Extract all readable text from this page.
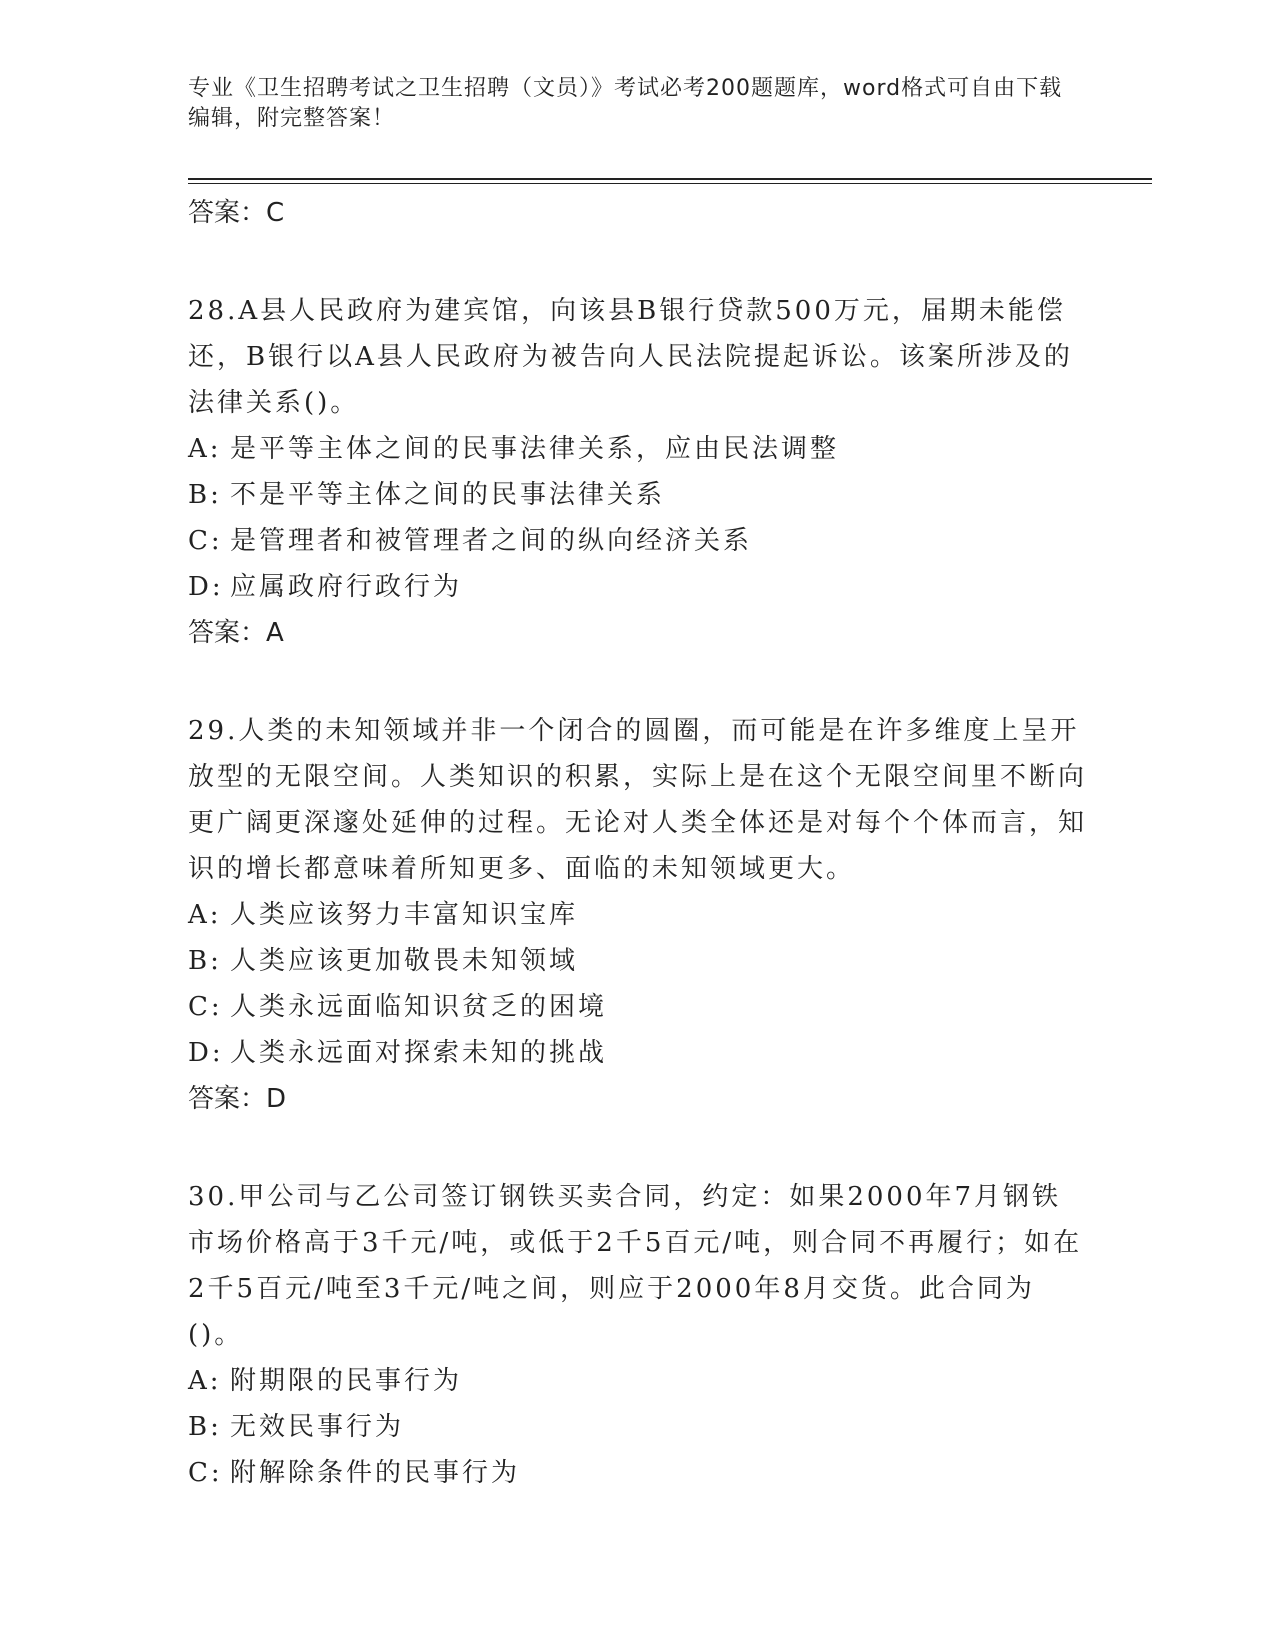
专业《卫生招聘考试之卫生招聘（文员）》考试必考200题题库，word格式可自由下载编辑，附完整答案！

答案：C

28.A县人民政府为建宾馆，向该县B银行贷款500万元，届期未能偿还，B银行以A县人民政府为被告向人民法院提起诉讼。该案所涉及的法律关系()。

A: 是平等主体之间的民事法律关系，应由民法调整

B: 不是平等主体之间的民事法律关系

C: 是管理者和被管理者之间的纵向经济关系

D: 应属政府行政行为

答案：A

29.人类的未知领域并非一个闭合的圆圈，而可能是在许多维度上呈开放型的无限空间。人类知识的积累，实际上是在这个无限空间里不断向更广阔更深邃处延伸的过程。无论对人类全体还是对每个个体而言，知识的增长都意味着所知更多、面临的未知领域更大。

A: 人类应该努力丰富知识宝库

B: 人类应该更加敬畏未知领域

C: 人类永远面临知识贫乏的困境

D: 人类永远面对探索未知的挑战

答案：D

30.甲公司与乙公司签订钢铁买卖合同，约定：如果2000年7月钢铁市场价格高于3千元/吨，或低于2千5百元/吨，则合同不再履行；如在2千5百元/吨至3千元/吨之间，则应于2000年8月交货。此合同为()。

A: 附期限的民事行为

B: 无效民事行为

C: 附解除条件的民事行为
